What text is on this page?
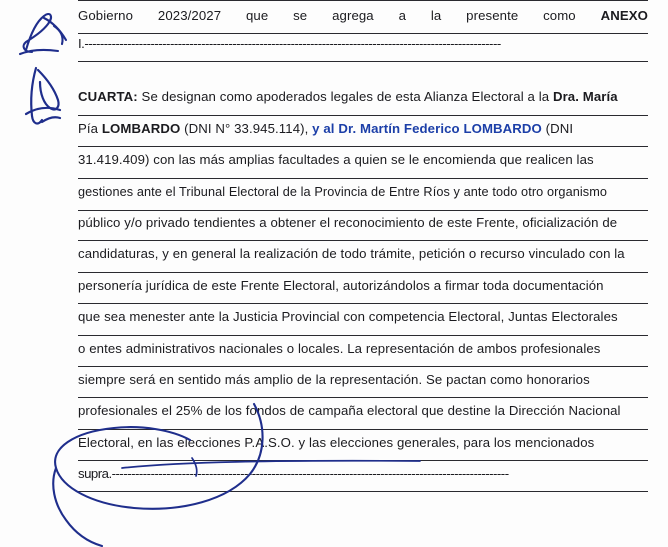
Gobierno 2023/2027 que se agrega a la presente como ANEXO
I.-----------------------------------------------------------------------------------------------------------
CUARTA: Se designan como apoderados legales de esta Alianza Electoral a la Dra. María
Pía LOMBARDO (DNI N° 33.945.114), y al Dr. Martín Federico LOMBARDO (DNI
31.419.409) con las más amplias facultades a quien se le encomienda que realicen las
gestiones ante el Tribunal Electoral de la Provincia de Entre Ríos y ante todo otro organismo
público y/o privado tendientes a obtener el reconocimiento de este Frente, oficialización de
candidaturas, y en general la realización de todo trámite, petición o recurso vinculado con la
personería jurídica de este Frente Electoral, autorizándolos a firmar toda documentación
que sea menester ante la Justicia Provincial con competencia Electoral, Juntas Electorales
o entes administrativos nacionales o locales. La representación de ambos profesionales
siempre será en sentido más amplio de la representación. Se pactan como honorarios
profesionales el 25% de los fondos de campaña electoral que destine la Dirección Nacional
Electoral, en las elecciones P.A.S.O. y las elecciones generales, para los mencionados
supra.------------------------------------------------------------------------------------------------------
